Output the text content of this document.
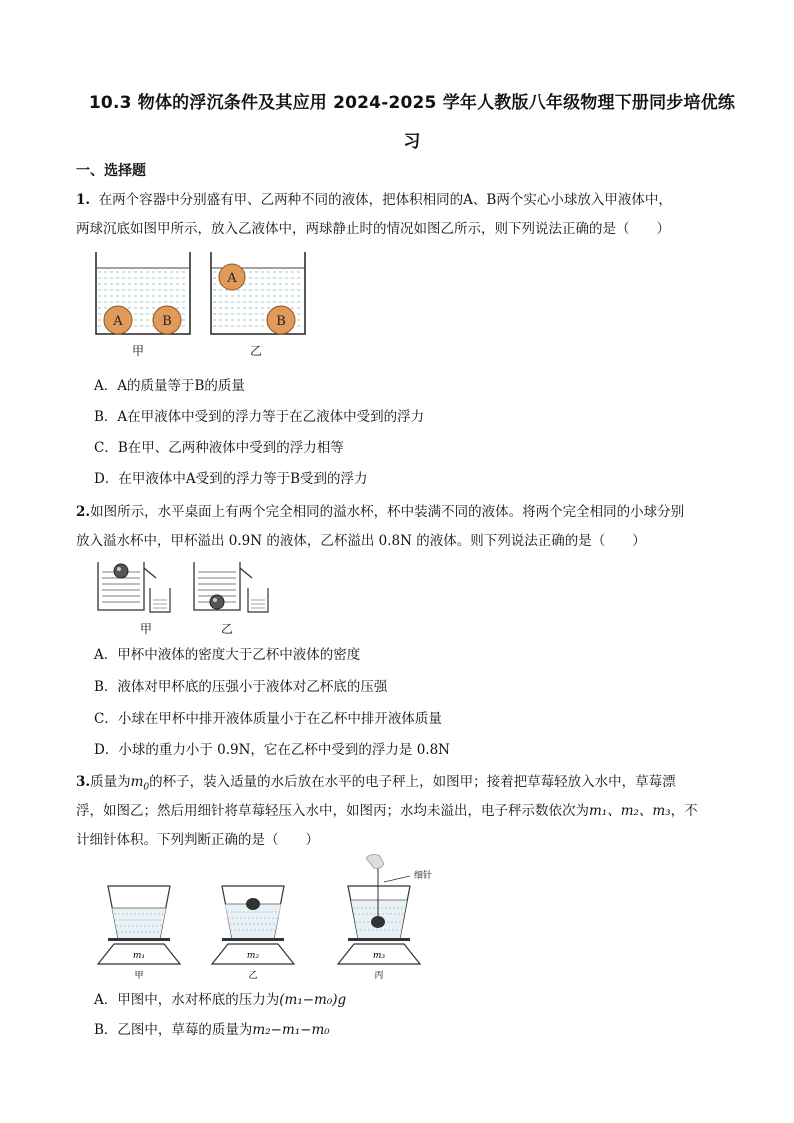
10.3 物体的浮沉条件及其应用 2024-2025 学年人教版八年级物理下册同步培优练
习
一、选择题
1. 在两个容器中分别盛有甲、乙两种不同的液体，把体积相同的A、B两个实心小球放入甲液体中，
两球沉底如图甲所示，放入乙液体中，两球静止时的情况如图乙所示，则下列说法正确的是（　　）
A	B
A
B
甲	乙
A．A的质量等于B的质量
B．A在甲液体中受到的浮力等于在乙液体中受到的浮力
C．B在甲、乙两种液体中受到的浮力相等
D．在甲液体中A受到的浮力等于B受到的浮力
2.如图所示，水平桌面上有两个完全相同的溢水杯，杯中装满不同的液体。将两个完全相同的小球分别
放入溢水杯中，甲杯溢出 0.9N 的液体，乙杯溢出 0.8N 的液体。则下列说法正确的是（　　）
甲	乙
A．甲杯中液体的密度大于乙杯中液体的密度
B．液体对甲杯底的压强小于液体对乙杯底的压强
C．小球在甲杯中排开液体质量小于在乙杯中排开液体质量
D．小球的重力小于 0.9N，它在乙杯中受到的浮力是 0.8N
3.质量为$m_0$的杯子，装入适量的水后放在水平的电子秤上，如图甲；接着把草莓轻放入水中，草莓漂
浮，如图乙；然后用细针将草莓轻压入水中，如图丙；水均未溢出，电子秤示数依次为m₁、m₂、m₃，不
计细针体积。下列判断正确的是（　　）
m₁	m₂
细针
m₃
甲	乙	丙
A．甲图中，水对杯底的压力为(m₁−m₀)g
B．乙图中，草莓的质量为m₂−m₁−m₀
